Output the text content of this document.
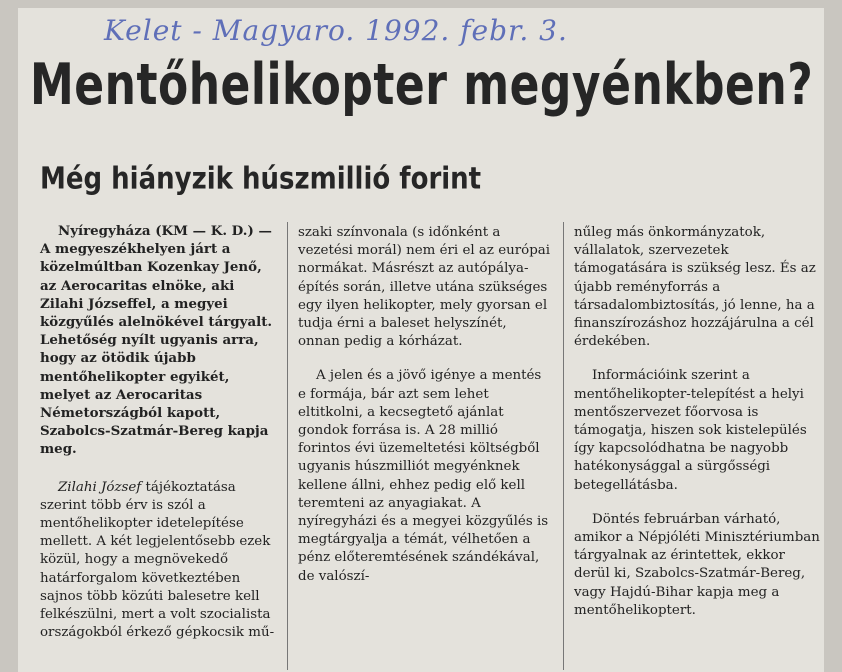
Kelet - Magyaro. 1992. febr. 3.
Mentőhelikopter megyénkben?
Még hiányzik húszmillió forint

Nyíregyháza (KM — K. D.) — A megyeszékhelyen járt a közelmúltban Kozenkay Jenő, az Aerocaritas elnöke, aki Zilahi Józseffel, a megyei közgyűlés alelnökével tárgyalt. Lehetőség nyílt ugyanis arra, hogy az ötödik újabb mentőhelikopter egyikét, melyet az Aerocaritas Németországból kapott, Szabolcs-Szatmár-Bereg kapja meg.

Zilahi József tájékoztatása szerint több érv is szól a mentőhelikopter idetelepítése mellett. A két legjelentősebb ezek közül, hogy a megnövekedő határforgalom következtében sajnos több közúti balesetre kell felkészülni, mert a volt szocialista országokból érkező gépkocsik mű-

szaki színvonala (s időnként a vezetési morál) nem éri el az európai normákat. Másrészt az autópálya-építés során, illetve utána szükséges egy ilyen helikopter, mely gyorsan el tudja érni a baleset helyszínét, onnan pedig a kórházat.

A jelen és a jövő igénye a mentés e formája, bár azt sem lehet eltitkolni, a kecsegtető ajánlat gondok forrása is. A 28 millió forintos évi üzemeltetési költségből ugyanis húszmilliót megyénknek kellene állni, ehhez pedig elő kell teremteni az anyagiakat. A nyíregyházi és a megyei közgyűlés is megtárgyalja a témát, vélhetően a pénz előteremtésének szándékával, de valószí-

nűleg más önkormányzatok, vállalatok, szervezetek támogatására is szükség lesz. És az újabb reményforrás a társadalombiztosítás, jó lenne, ha a finanszírozáshoz hozzájárulna a cél érdekében.

Információink szerint a mentőhelikopter-telepítést a helyi mentőszervezet főorvosa is támogatja, hiszen sok kistelepülés így kapcsolódhatna be nagyobb hatékonysággal a sürgősségi betegellátásba.

Döntés februárban várható, amikor a Népjóléti Minisztériumban tárgyalnak az érintettek, ekkor derül ki, Szabolcs-Szatmár-Bereg, vagy Hajdú-Bihar kapja meg a mentőhelikoptert.
